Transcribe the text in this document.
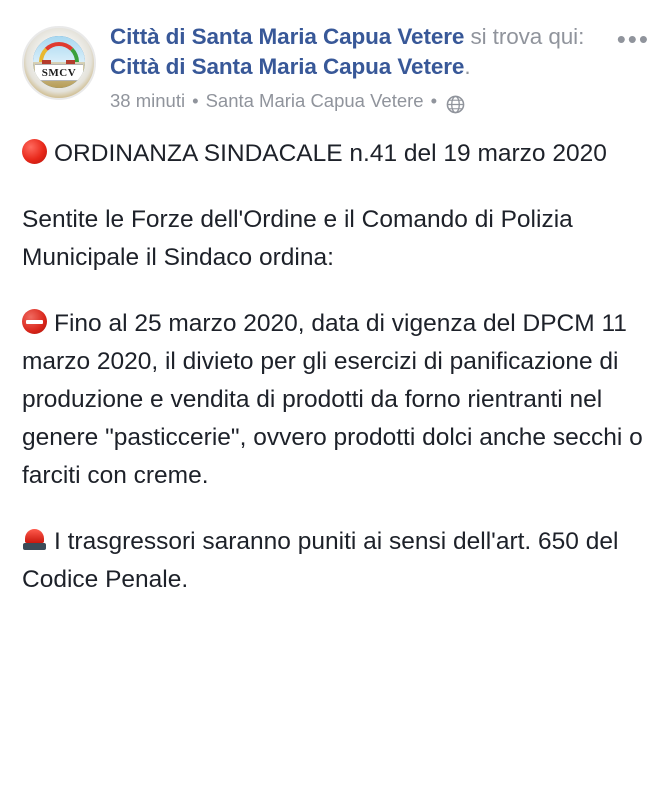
SMCV
Città di Santa Maria Capua Vetere si trova qui: Città di Santa Maria Capua Vetere.
38 minuti • Santa Maria Capua Vetere •
•••

ORDINANZA SINDACALE n.41 del 19 marzo 2020

Sentite le Forze dell'Ordine e il Comando di Polizia Municipale il Sindaco ordina:

Fino al 25 marzo 2020, data di vigenza del DPCM 11 marzo 2020, il divieto per gli esercizi di panificazione di produzione e vendita di prodotti da forno rientranti nel genere "pasticcerie", ovvero prodotti dolci anche secchi o farciti con creme.

I trasgressori saranno puniti ai sensi dell'art. 650 del Codice Penale.
